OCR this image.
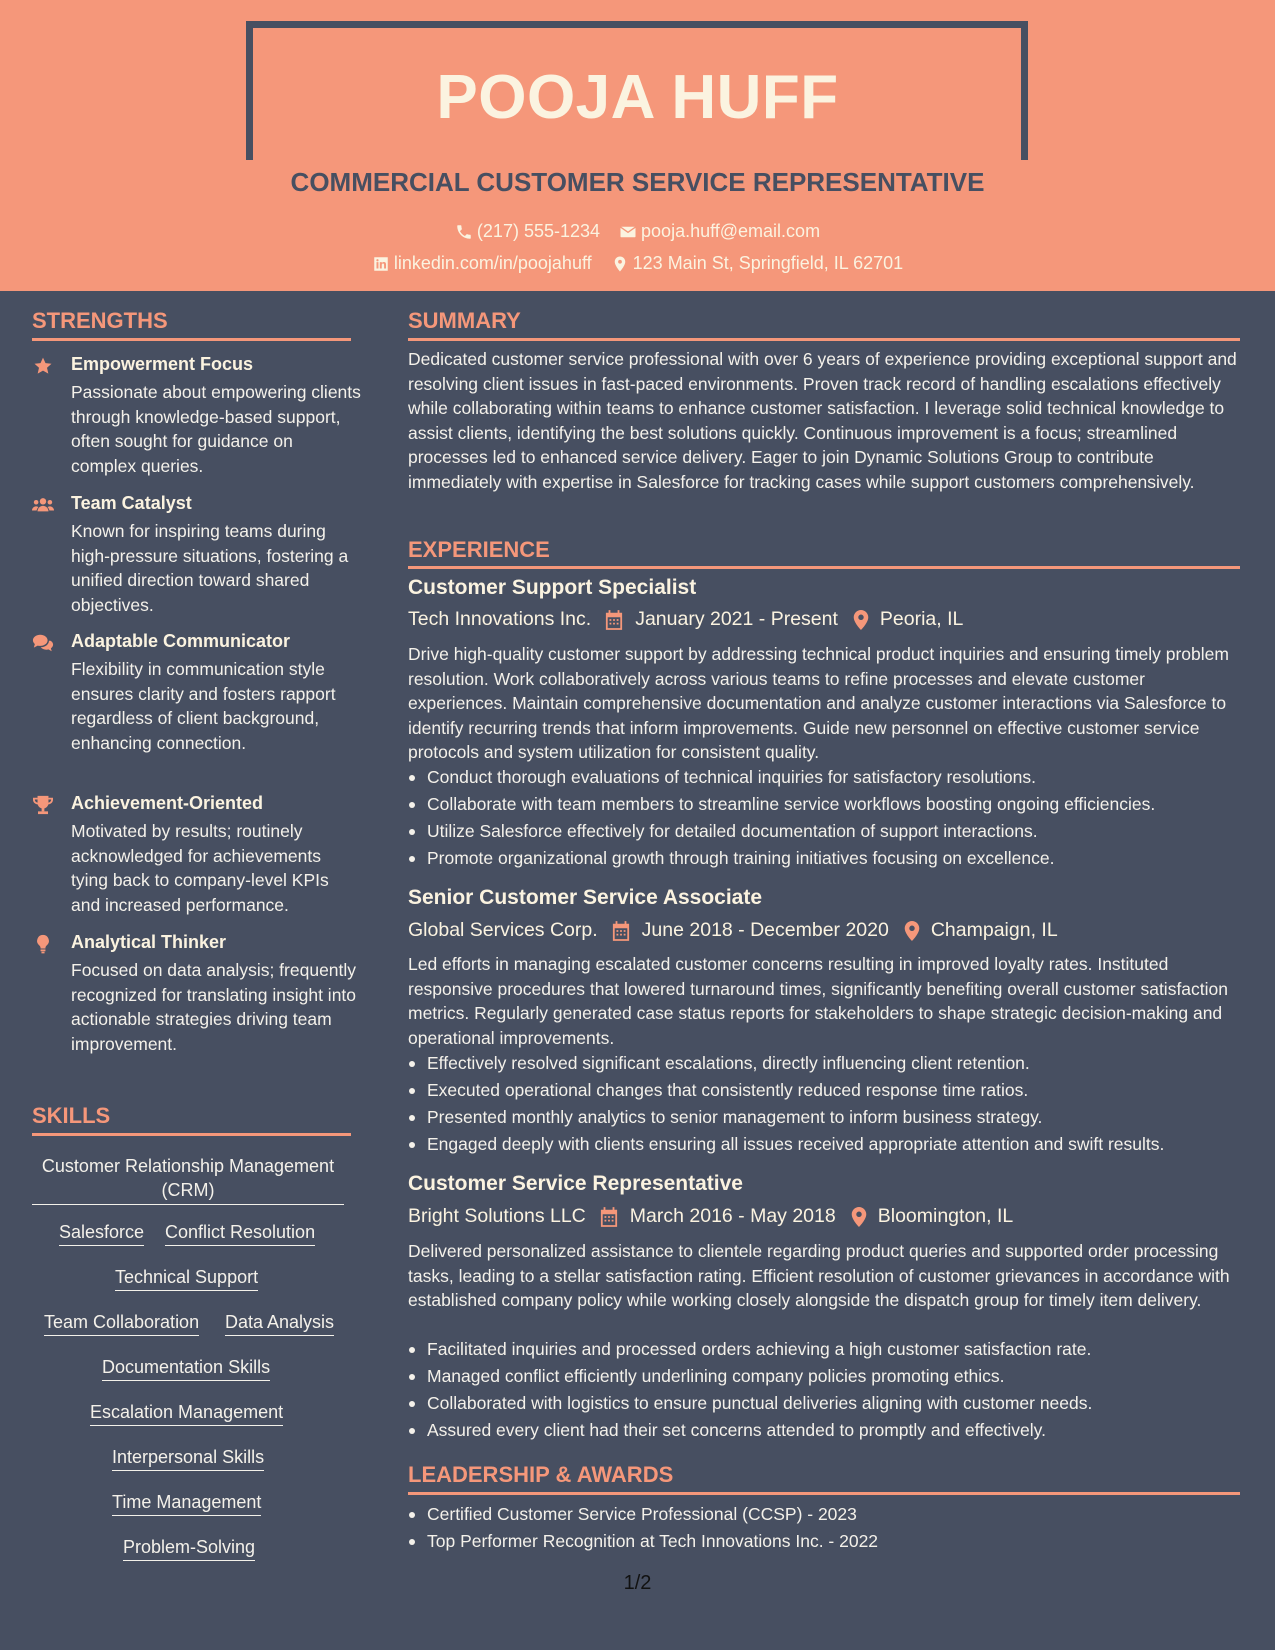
POOJA HUFF
COMMERCIAL CUSTOMER SERVICE REPRESENTATIVE
(217) 555-1234
pooja.huff@email.com
linkedin.com/in/poojahuff
123 Main St, Springfield, IL 62701
STRENGTHS
Empowerment Focus
Passionate about empowering clients through knowledge-based support, often sought for guidance on complex queries.
Team Catalyst
Known for inspiring teams during high-pressure situations, fostering a unified direction toward shared objectives.
Adaptable Communicator
Flexibility in communication style ensures clarity and fosters rapport regardless of client background, enhancing connection.
Achievement-Oriented
Motivated by results; routinely acknowledged for achievements tying back to company-level KPIs and increased performance.
Analytical Thinker
Focused on data analysis; frequently recognized for translating insight into actionable strategies driving team improvement.
SKILLS
Customer Relationship Management (CRM)
Salesforce Conflict Resolution
Technical Support
Team Collaboration Data Analysis
Documentation Skills
Escalation Management
Interpersonal Skills
Time Management
Problem-Solving
SUMMARY
Dedicated customer service professional with over 6 years of experience providing exceptional support and resolving client issues in fast-paced environments. Proven track record of handling escalations effectively while collaborating within teams to enhance customer satisfaction. I leverage solid technical knowledge to assist clients, identifying the best solutions quickly. Continuous improvement is a focus; streamlined processes led to enhanced service delivery. Eager to join Dynamic Solutions Group to contribute immediately with expertise in Salesforce for tracking cases while support customers comprehensively.
EXPERIENCE
Customer Support Specialist
Tech Innovations Inc. January 2021 - Present Peoria, IL
Drive high-quality customer support by addressing technical product inquiries and ensuring timely problem resolution. Work collaboratively across various teams to refine processes and elevate customer experiences. Maintain comprehensive documentation and analyze customer interactions via Salesforce to identify recurring trends that inform improvements. Guide new personnel on effective customer service protocols and system utilization for consistent quality.
Conduct thorough evaluations of technical inquiries for satisfactory resolutions.
Collaborate with team members to streamline service workflows boosting ongoing efficiencies.
Utilize Salesforce effectively for detailed documentation of support interactions.
Promote organizational growth through training initiatives focusing on excellence.
Senior Customer Service Associate
Global Services Corp. June 2018 - December 2020 Champaign, IL
Led efforts in managing escalated customer concerns resulting in improved loyalty rates. Instituted responsive procedures that lowered turnaround times, significantly benefiting overall customer satisfaction metrics. Regularly generated case status reports for stakeholders to shape strategic decision-making and operational improvements.
Effectively resolved significant escalations, directly influencing client retention.
Executed operational changes that consistently reduced response time ratios.
Presented monthly analytics to senior management to inform business strategy.
Engaged deeply with clients ensuring all issues received appropriate attention and swift results.
Customer Service Representative
Bright Solutions LLC March 2016 - May 2018 Bloomington, IL
Delivered personalized assistance to clientele regarding product queries and supported order processing tasks, leading to a stellar satisfaction rating. Efficient resolution of customer grievances in accordance with established company policy while working closely alongside the dispatch group for timely item delivery.
Facilitated inquiries and processed orders achieving a high customer satisfaction rate.
Managed conflict efficiently underlining company policies promoting ethics.
Collaborated with logistics to ensure punctual deliveries aligning with customer needs.
Assured every client had their set concerns attended to promptly and effectively.
LEADERSHIP & AWARDS
Certified Customer Service Professional (CCSP) - 2023
Top Performer Recognition at Tech Innovations Inc. - 2022
1/2
